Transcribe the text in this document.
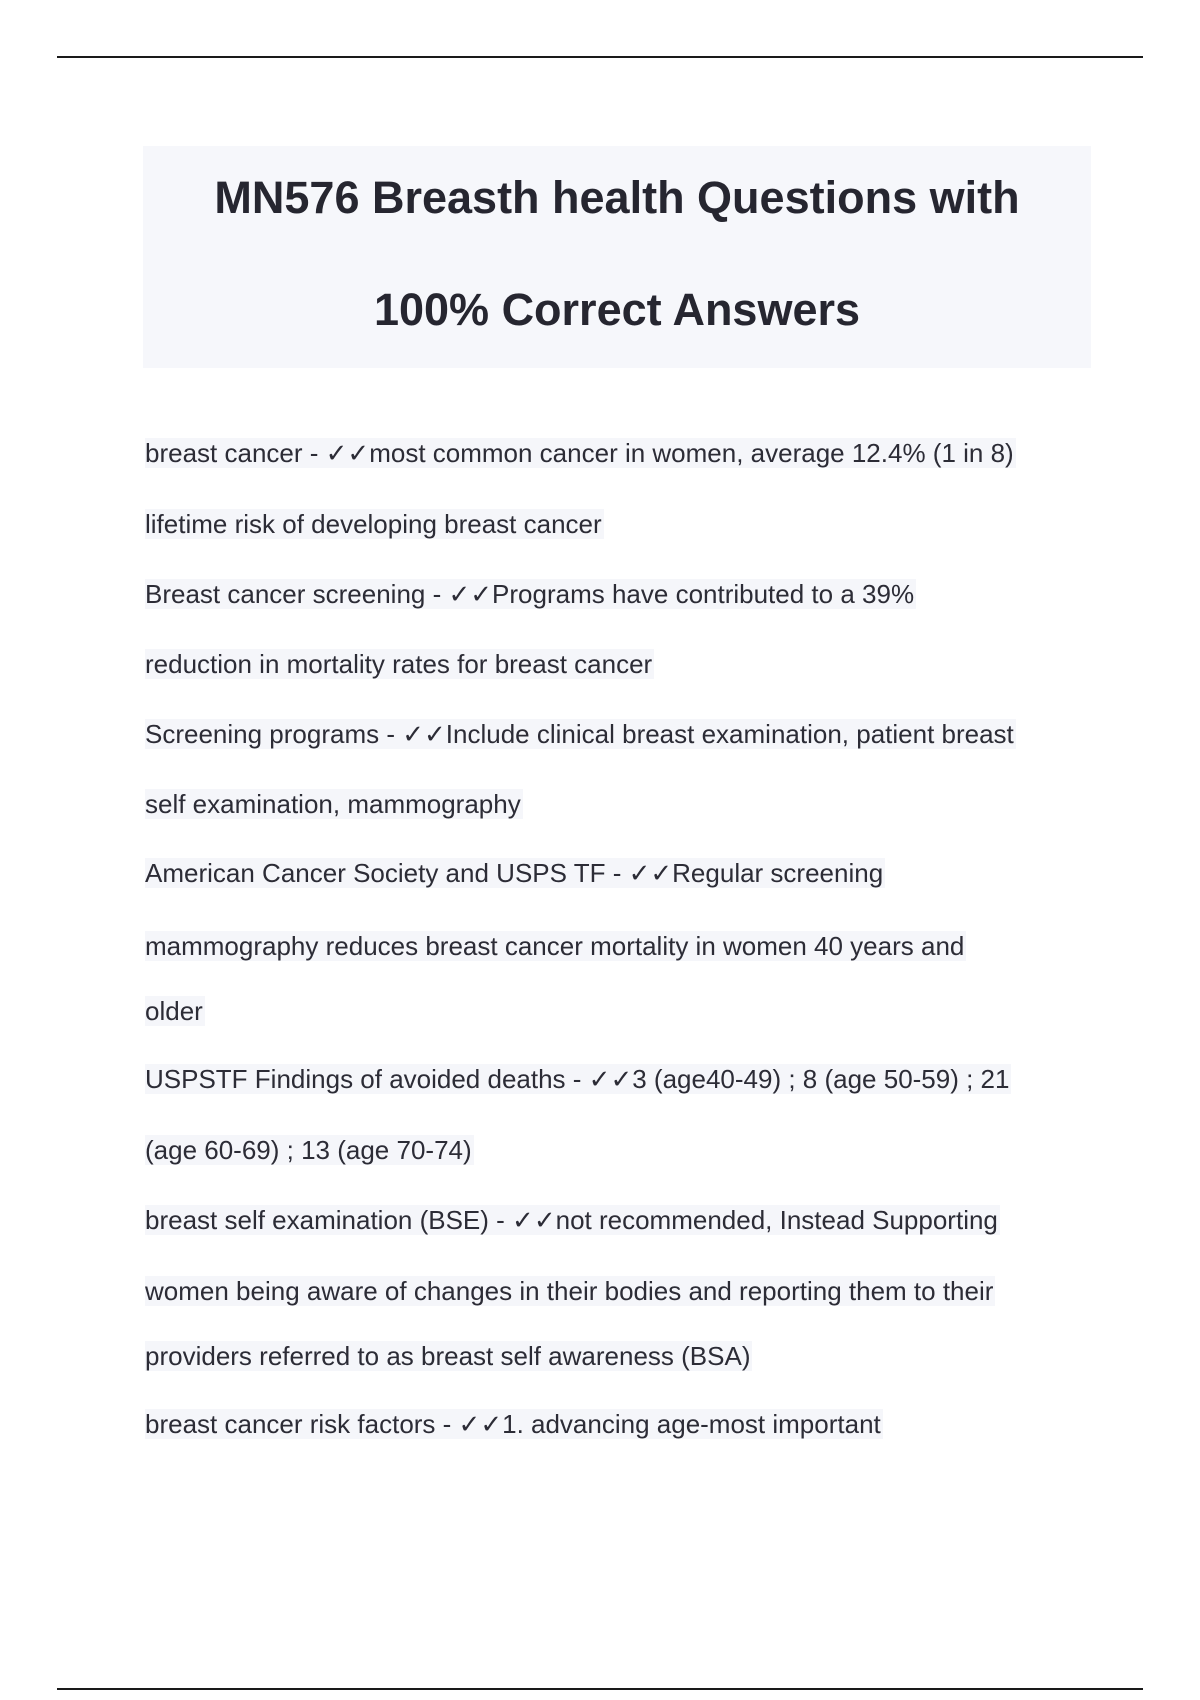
MN576 Breasth health Questions with
100% Correct Answers
breast cancer - ✓✓most common cancer in women, average 12.4% (1 in 8)
lifetime risk of developing breast cancer
Breast cancer screening - ✓✓Programs have contributed to a 39%
reduction in mortality rates for breast cancer
Screening programs - ✓✓Include clinical breast examination, patient breast
self examination, mammography
American Cancer Society and USPS TF - ✓✓Regular screening
mammography reduces breast cancer mortality in women 40 years and
older
USPSTF Findings of avoided deaths - ✓✓3 (age40-49) ; 8 (age 50-59) ; 21
(age 60-69) ; 13 (age 70-74)
breast self examination (BSE) - ✓✓not recommended, Instead Supporting
women being aware of changes in their bodies and reporting them to their
providers referred to as breast self awareness (BSA)
breast cancer risk factors - ✓✓1. advancing age-most important
